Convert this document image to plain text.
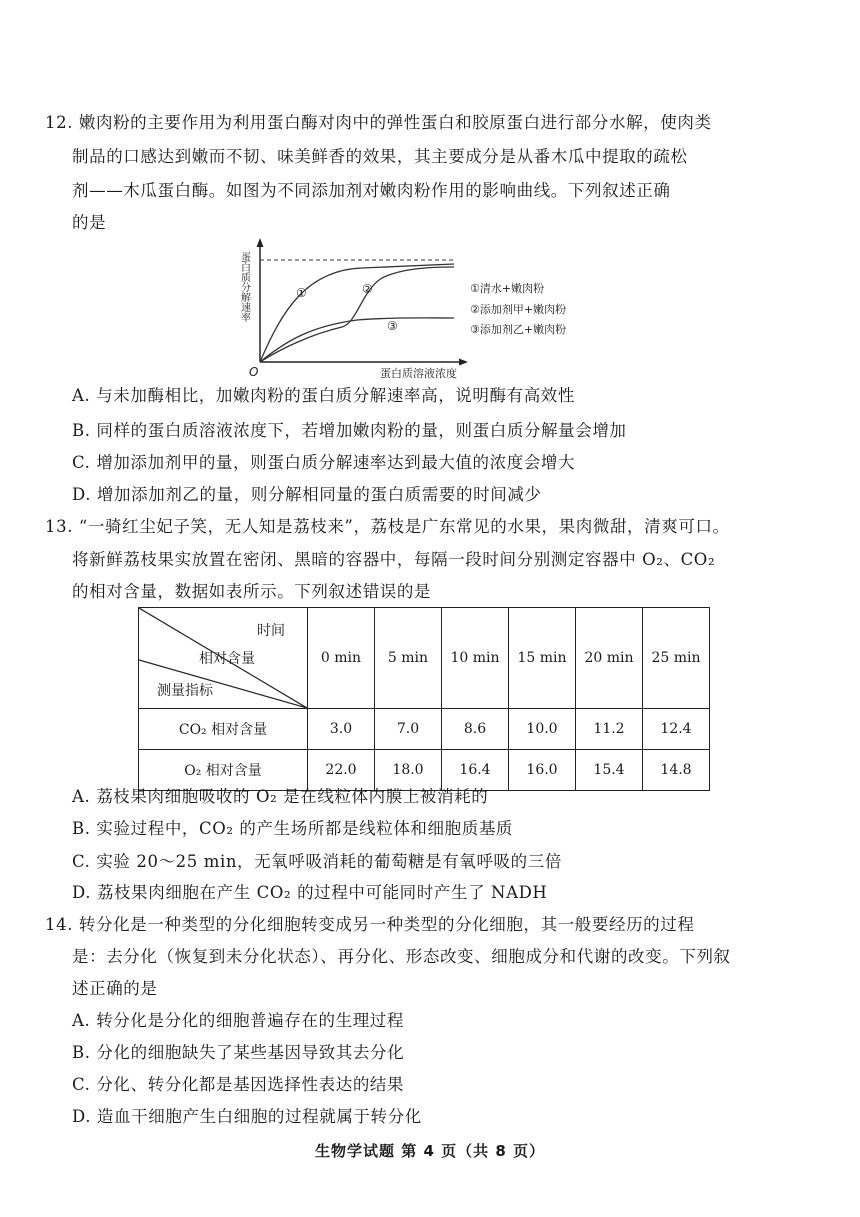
12. 嫩肉粉的主要作用为利用蛋白酶对肉中的弹性蛋白和胶原蛋白进行部分水解，使肉类
制品的口感达到嫩而不韧、味美鲜香的效果，其主要成分是从番木瓜中提取的疏松
剂——木瓜蛋白酶。如图为不同添加剂对嫩肉粉作用的影响曲线。下列叙述正确
的是
①	②
③
O
蛋白质分解速率
蛋白质溶液浓度
①清水+嫩肉粉
②添加剂甲+嫩肉粉
③添加剂乙+嫩肉粉
A. 与未加酶相比，加嫩肉粉的蛋白质分解速率高，说明酶有高效性
B. 同样的蛋白质溶液浓度下，若增加嫩肉粉的量，则蛋白质分解量会增加
C. 增加添加剂甲的量，则蛋白质分解速率达到最大值的浓度会增大
D. 增加添加剂乙的量，则分解相同量的蛋白质需要的时间减少
13. “一骑红尘妃子笑，无人知是荔枝来”，荔枝是广东常见的水果，果肉微甜，清爽可口。
将新鲜荔枝果实放置在密闭、黑暗的容器中，每隔一段时间分别测定容器中 O₂、CO₂
的相对含量，数据如表所示。下列叙述错误的是
时间
相对含量
测量指标	0 min	5 min	10 min	15 min	20 min	25 min
CO₂ 相对含量	3.0	7.0	8.6	10.0	11.2	12.4
O₂ 相对含量	22.0	18.0	16.4	16.0	15.4	14.8
A. 荔枝果肉细胞吸收的 O₂ 是在线粒体内膜上被消耗的
B. 实验过程中，CO₂ 的产生场所都是线粒体和细胞质基质
C. 实验 20～25 min，无氧呼吸消耗的葡萄糖是有氧呼吸的三倍
D. 荔枝果肉细胞在产生 CO₂ 的过程中可能同时产生了 NADH
14. 转分化是一种类型的分化细胞转变成另一种类型的分化细胞，其一般要经历的过程
是：去分化（恢复到未分化状态）、再分化、形态改变、细胞成分和代谢的改变。下列叙
述正确的是
A. 转分化是分化的细胞普遍存在的生理过程
B. 分化的细胞缺失了某些基因导致其去分化
C. 分化、转分化都是基因选择性表达的结果
D. 造血干细胞产生白细胞的过程就属于转分化
生物学试题 第 4 页（共 8 页）
